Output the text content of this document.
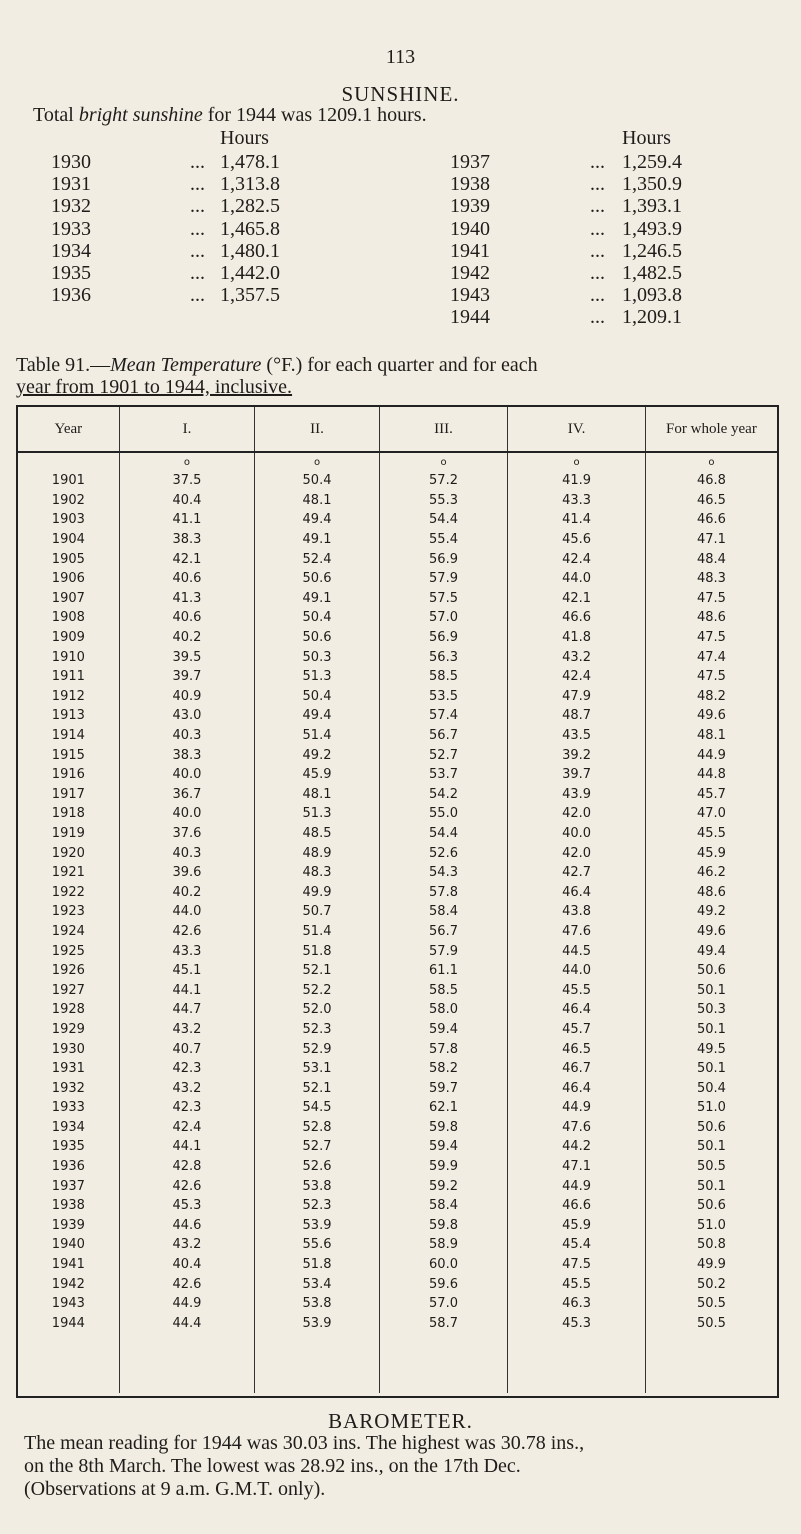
113
SUNSHINE.
Total bright sunshine for 1944 was 1209.1 hours.
Hours	Hours
1930	... 1,478.1
1931	... 1,313.8
1932	... 1,282.5
1933	... 1,465.8
1934	... 1,480.1
1935	... 1,442.0
1936	... 1,357.5
1937	... 1,259.4
1938	... 1,350.9
1939	... 1,393.1
1940	... 1,493.9
1941	... 1,246.5
1942	... 1,482.5
1943	... 1,093.8
1944	... 1,209.1
Table 91.—Mean Temperature (°F.) for each quarter and for each
year from 1901 to 1944, inclusive.
Year	I.	II.	III.	IV.	For whole year
	o	o	o	o	o
1901	37.5	50.4	57.2	41.9	46.8
1902	40.4	48.1	55.3	43.3	46.5
1903	41.1	49.4	54.4	41.4	46.6
1904	38.3	49.1	55.4	45.6	47.1
1905	42.1	52.4	56.9	42.4	48.4
1906	40.6	50.6	57.9	44.0	48.3
1907	41.3	49.1	57.5	42.1	47.5
1908	40.6	50.4	57.0	46.6	48.6
1909	40.2	50.6	56.9	41.8	47.5
1910	39.5	50.3	56.3	43.2	47.4
1911	39.7	51.3	58.5	42.4	47.5
1912	40.9	50.4	53.5	47.9	48.2
1913	43.0	49.4	57.4	48.7	49.6
1914	40.3	51.4	56.7	43.5	48.1
1915	38.3	49.2	52.7	39.2	44.9
1916	40.0	45.9	53.7	39.7	44.8
1917	36.7	48.1	54.2	43.9	45.7
1918	40.0	51.3	55.0	42.0	47.0
1919	37.6	48.5	54.4	40.0	45.5
1920	40.3	48.9	52.6	42.0	45.9
1921	39.6	48.3	54.3	42.7	46.2
1922	40.2	49.9	57.8	46.4	48.6
1923	44.0	50.7	58.4	43.8	49.2
1924	42.6	51.4	56.7	47.6	49.6
1925	43.3	51.8	57.9	44.5	49.4
1926	45.1	52.1	61.1	44.0	50.6
1927	44.1	52.2	58.5	45.5	50.1
1928	44.7	52.0	58.0	46.4	50.3
1929	43.2	52.3	59.4	45.7	50.1
1930	40.7	52.9	57.8	46.5	49.5
1931	42.3	53.1	58.2	46.7	50.1
1932	43.2	52.1	59.7	46.4	50.4
1933	42.3	54.5	62.1	44.9	51.0
1934	42.4	52.8	59.8	47.6	50.6
1935	44.1	52.7	59.4	44.2	50.1
1936	42.8	52.6	59.9	47.1	50.5
1937	42.6	53.8	59.2	44.9	50.1
1938	45.3	52.3	58.4	46.6	50.6
1939	44.6	53.9	59.8	45.9	51.0
1940	43.2	55.6	58.9	45.4	50.8
1941	40.4	51.8	60.0	47.5	49.9
1942	42.6	53.4	59.6	45.5	50.2
1943	44.9	53.8	57.0	46.3	50.5
1944	44.4	53.9	58.7	45.3	50.5

BAROMETER.

The mean reading for 1944 was 30.03 ins. The highest was 30.78 ins.,

on the 8th March. The lowest was 28.92 ins., on the 17th Dec.

(Observations at 9 a.m. G.M.T. only).
